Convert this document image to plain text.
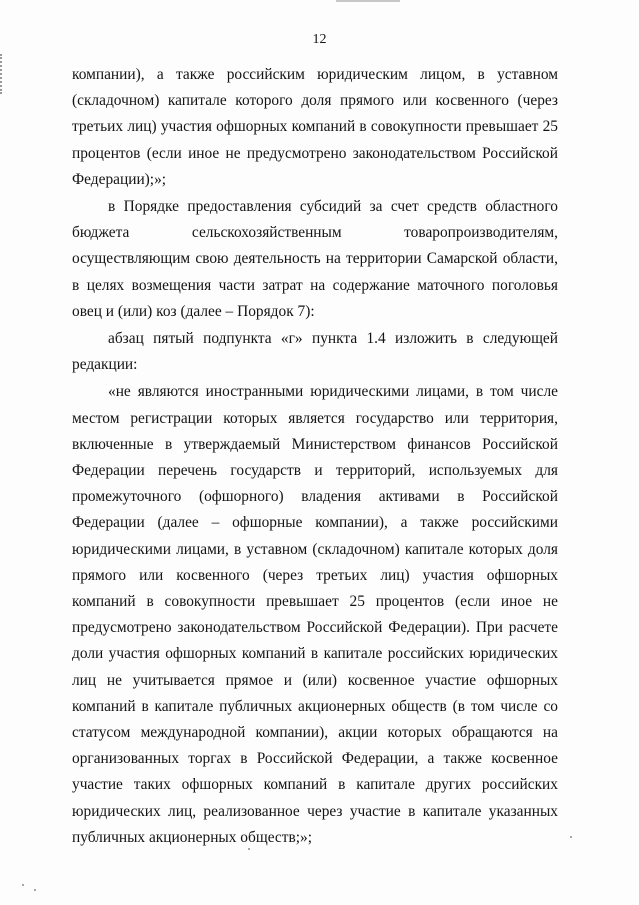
12

компании), а также российским юридическим лицом, в уставном (складочном) капитале которого доля прямого или косвенного (через третьих лиц) участия офшорных компаний в совокупности превышает 25 процентов (если иное не предусмотрено законодательством Российской Федерации);»;

в Порядке предоставления субсидий за счет средств областного бюджета сельскохозяйственным товаропроизводителям, осуществляющим свою деятельность на территории Самарской области, в целях возмещения части затрат на содержание маточного поголовья овец и (или) коз (далее – Порядок 7):

абзац пятый подпункта «г» пункта 1.4 изложить в следующей редакции:

«не являются иностранными юридическими лицами, в том числе местом регистрации которых является государство или территория, включенные в утверждаемый Министерством финансов Российской Федерации перечень государств и территорий, используемых для промежуточного (офшорного) владения активами в Российской Федерации (далее – офшорные компании), а также российскими юридическими лицами, в уставном (складочном) капитале которых доля прямого или косвенного (через третьих лиц) участия офшорных компаний в совокупности превышает 25 процентов (если иное не предусмотрено законодательством Российской Федерации). При расчете доли участия офшорных компаний в капитале российских юридических лиц не учитывается прямое и (или) косвенное участие офшорных компаний в капитале публичных акционерных обществ (в том числе со статусом международной компании), акции которых обращаются на организованных торгах в Российской Федерации, а также косвенное участие таких офшорных компаний в капитале других российских юридических лиц, реализованное через участие в капитале указанных публичных акционерных обществ;»;
